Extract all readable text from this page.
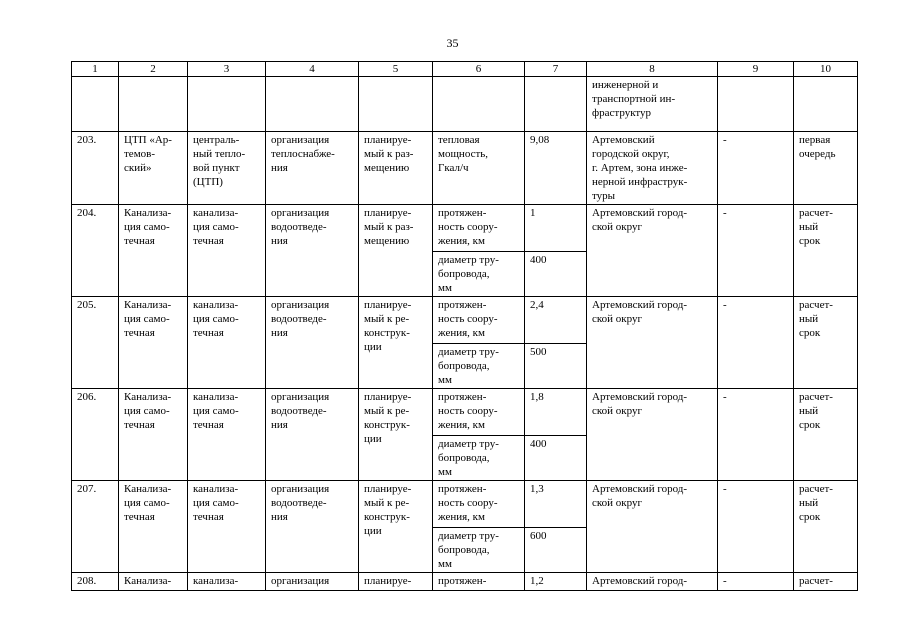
35
1	2	3	4	5	6	7	8	9	10
							инженерной и
транспортной ин-
фраструктур		
203.	ЦТП «Ар-
темов-
ский»	централь-
ный тепло-
вой пункт
(ЦТП)	организация
теплоснабже-
ния	планируе-
мый к раз-
мещению	тепловая
мощность,
Гкал/ч	9,08	Артемовский
городской округ,
г. Артем, зона инже-
нерной инфраструк-
туры	-	первая
очередь
204.	Канализа-
ция само-
течная	канализа-
ция само-
течная	организация
водоотведе-
ния	планируе-
мый к раз-
мещению	протяжен-
ность соору-
жения, км	1	Артемовский город-
ской округ	-	расчет-
ный
срок
					диаметр тру-
бопровода,
мм	400			
205.	Канализа-
ция само-
течная	канализа-
ция само-
течная	организация
водоотведе-
ния	планируе-
мый к ре-
конструк-
ции	протяжен-
ность соору-
жения, км	2,4	Артемовский город-
ской округ	-	расчет-
ный
срок
					диаметр тру-
бопровода,
мм	500			
206.	Канализа-
ция само-
течная	канализа-
ция само-
течная	организация
водоотведе-
ния	планируе-
мый к ре-
конструк-
ции	протяжен-
ность соору-
жения, км	1,8	Артемовский город-
ской округ	-	расчет-
ный
срок
					диаметр тру-
бопровода,
мм	400			
207.	Канализа-
ция само-
течная	канализа-
ция само-
течная	организация
водоотведе-
ния	планируе-
мый к ре-
конструк-
ции	протяжен-
ность соору-
жения, км	1,3	Артемовский город-
ской округ	-	расчет-
ный
срок
					диаметр тру-
бопровода,
мм	600			
208.	Канализа-	канализа-	организация	планируе-	протяжен-	1,2	Артемовский город-	-	расчет-
